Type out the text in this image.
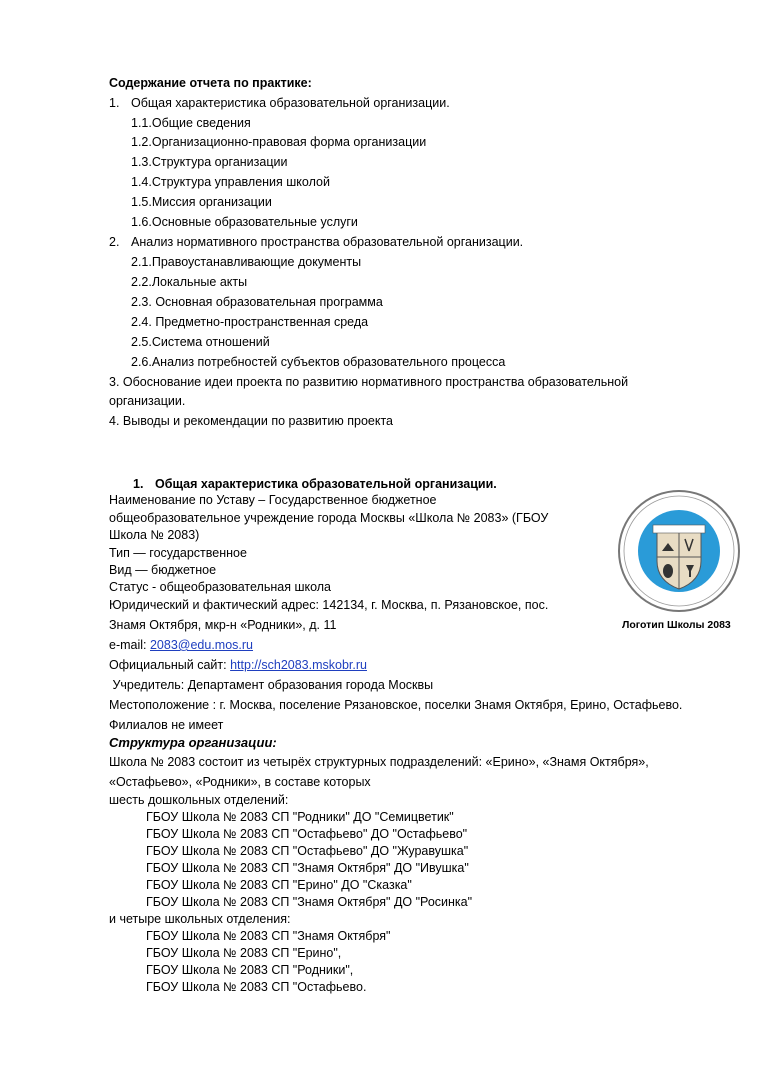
Содержание отчета по практике:
1. Общая характеристика образовательной организации.
1.1.Общие сведения
1.2.Организационно-правовая форма организации
1.3.Структура организации
1.4.Структура управления школой
1.5.Миссия организации
1.6.Основные образовательные услуги
2. Анализ нормативного пространства образовательной организации.
2.1.Правоустанавливающие документы
2.2.Локальные акты
2.3. Основная образовательная программа
2.4. Предметно-пространственная среда
2.5.Система отношений
2.6.Анализ потребностей субъектов образовательного процесса
3. Обоснование идеи проекта по развитию нормативного пространства образовательной
организации.
4. Выводы и рекомендации по развитию проекта
1. Общая характеристика образовательной организации.
Наименование по Уставу – Государственное бюджетное
общеобразовательное учреждение города Москвы «Школа № 2083» (ГБОУ
Школа № 2083)
Тип — государственное
Вид — бюджетное
Статус - общеобразовательная школа
Юридический и фактический адрес: 142134, г. Москва, п. Рязановское, пос.
Знамя Октября, мкр-н «Родники», д. 11
e-mail: 2083@edu.mos.ru
Официальный сайт: http://sch2083.mskobr.ru
Учредитель: Департамент образования города Москвы
Местоположение : г. Москва, поселение Рязановское, поселки Знамя Октября, Ерино, Остафьево.
Филиалов не имеет
Логотип Школы 2083
Структура организации:
Школа № 2083 состоит из четырёх структурных подразделений: «Ерино», «Знамя Октября»,
«Остафьево», «Родники», в составе которых
шесть дошкольных отделений:
ГБОУ Школа № 2083 СП "Родники" ДО "Семицветик"
ГБОУ Школа № 2083 СП "Остафьево" ДО "Остафьево"
ГБОУ Школа № 2083 СП "Остафьево" ДО "Журавушка"
ГБОУ Школа № 2083 СП "Знамя Октября" ДО "Ивушка"
ГБОУ Школа № 2083 СП "Ерино" ДО "Сказка"
ГБОУ Школа № 2083 СП "Знамя Октября" ДО "Росинка"
и четыре школьных отделения:
ГБОУ Школа № 2083 СП "Знамя Октября"
ГБОУ Школа № 2083 СП "Ерино",
ГБОУ Школа № 2083 СП "Родники",
ГБОУ Школа № 2083 СП "Остафьево.
